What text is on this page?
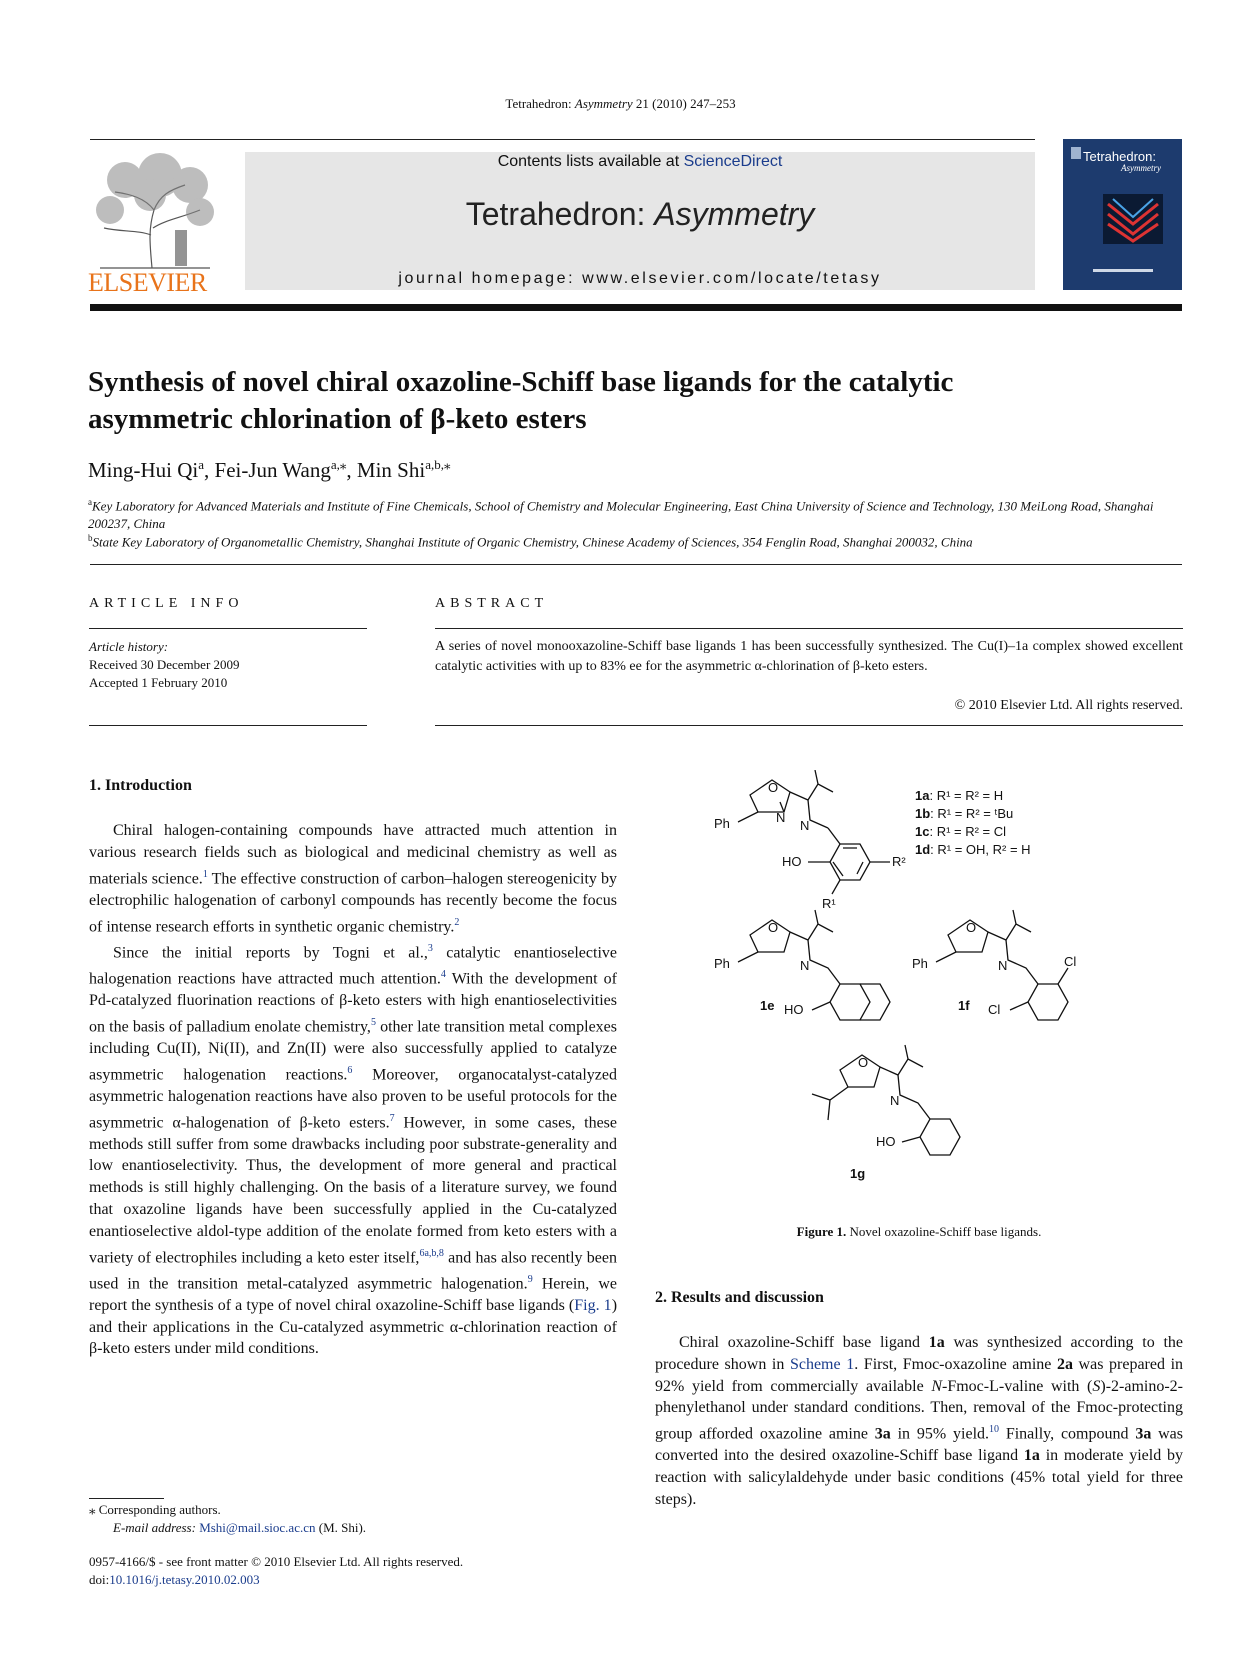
Tetrahedron: Asymmetry 21 (2010) 247–253
ELSEVIER
Contents lists available at ScienceDirect
Tetrahedron: Asymmetry
journal homepage: www.elsevier.com/locate/tetasy
Tetrahedron:
Asymmetry
Synthesis of novel chiral oxazoline-Schiff base ligands for the catalytic
asymmetric chlorination of β-keto esters
Ming-Hui Qi$^a$, Fei-Jun Wang$^{a,⁎}$, Min Shi$^{a,b,⁎}$
$^a$Key Laboratory for Advanced Materials and Institute of Fine Chemicals, School of Chemistry and Molecular Engineering, East China University of Science and Technology, 130 MeiLong Road, Shanghai 200237, China
$^b$State Key Laboratory of Organometallic Chemistry, Shanghai Institute of Organic Chemistry, Chinese Academy of Sciences, 354 Fenglin Road, Shanghai 200032, China
ARTICLE INFO
Article history:
Received 30 December 2009
Accepted 1 February 2010
ABSTRACT
A series of novel monooxazoline-Schiff base ligands 1 has been successfully synthesized. The Cu(I)–1a complex showed excellent catalytic activities with up to 83% ee for the asymmetric α-chlorination of β-keto esters.
© 2010 Elsevier Ltd. All rights reserved.
1. Introduction

Chiral halogen-containing compounds have attracted much attention in various research fields such as biological and medicinal chemistry as well as materials science.$^1$ The effective construction of carbon–halogen stereogenicity by electrophilic halogenation of carbonyl compounds has recently become the focus of intense research efforts in synthetic organic chemistry.$^2$

Since the initial reports by Togni et al.,$^3$ catalytic enantioselective halogenation reactions have attracted much attention.$^4$ With the development of Pd-catalyzed fluorination reactions of β-keto esters with high enantioselectivities on the basis of palladium enolate chemistry,$^5$ other late transition metal complexes including Cu(II), Ni(II), and Zn(II) were also successfully applied to catalyze asymmetric halogenation reactions.$^6$ Moreover, organocatalyst-catalyzed asymmetric halogenation reactions have also proven to be useful protocols for the asymmetric α-halogenation of β-keto esters.$^7$ However, in some cases, these methods still suffer from some drawbacks including poor substrate-generality and low enantioselectivity. Thus, the development of more general and practical methods is still highly challenging. On the basis of a literature survey, we found that oxazoline ligands have been successfully applied in the Cu-catalyzed enantioselective aldol-type addition of the enolate formed from keto esters with a variety of electrophiles including a keto ester itself,$^{6a,b,8}$ and has also recently been used in the transition metal-catalyzed asymmetric halogenation.$^9$ Herein, we report the synthesis of a type of novel chiral oxazoline-Schiff base ligands (Fig. 1) and their applications in the Cu-catalyzed asymmetric α-chlorination reaction of β-keto esters under mild conditions.

O
N
Ph	N
HO	R²
R¹
O
Ph	N
HO
1e
O
Ph	N	Cl
Cl
1f
O
N
HO
1g
1a: R¹ = R² = H
1b: R¹ = R² = ᵗBu
1c: R¹ = R² = Cl
1d: R¹ = OH, R² = H
Figure 1. Novel oxazoline-Schiff base ligands.
2. Results and discussion

Chiral oxazoline-Schiff base ligand 1a was synthesized according to the procedure shown in Scheme 1. First, Fmoc-oxazoline amine 2a was prepared in 92% yield from commercially available N-Fmoc-L-valine with (S)-2-amino-2-phenylethanol under standard conditions. Then, removal of the Fmoc-protecting group afforded oxazoline amine 3a in 95% yield.$^{10}$ Finally, compound 3a was converted into the desired oxazoline-Schiff base ligand 1a in moderate yield by reaction with salicylaldehyde under basic conditions (45% total yield for three steps).

⁎ Corresponding authors.
E-mail address: Mshi@mail.sioc.ac.cn (M. Shi).
0957-4166/$ - see front matter © 2010 Elsevier Ltd. All rights reserved.
doi:10.1016/j.tetasy.2010.02.003
